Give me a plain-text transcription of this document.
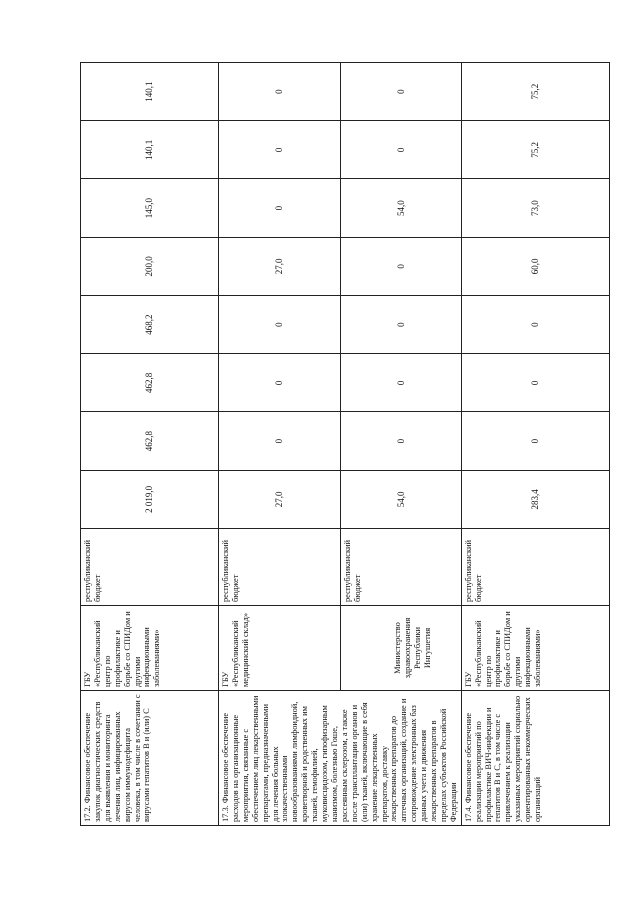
17.2. Финансовое обеспечение закупок диагностических средств для выявления и мониторинга лечения лиц, инфицированных вирусом иммунодефицита человека, в том числе в сочетании с вирусами гепатитов B и (или) C	ГБУ «Республиканский центр по профилактике и борьбе со СПИДом и другими инфекционными заболеваниями»	республиканский бюджет	2 019,0	462,8	462,8	468,2	200,0	145,0	140,1	140,1
17.3. Финансовое обеспечение расходов на организационные мероприятия, связанные с обеспечением лиц лекарственными препаратами, предназначенными для лечения больных злокачественными новообразованиями лимфоидной, кроветворной и родственных им тканей, гемофилией, муковисцидозом, гипофизарным нанизмом, болезнью Гоше, рассеянным склерозом, а также после трансплантации органов и (или) тканей, включающие в себя хранение лекарственных препаратов, доставку лекарственных препаратов до аптечных организаций, создание и сопровождение электронных баз данных учета и движения лекарственных препаратов в пределах субъектов Российской Федерации	ГБУ «Республиканский медицинский склад»	республиканский бюджет	27,0	0	0	0	27,0	0	0	0
	Министерство здравоохранения Республики Ингушетия	республиканский бюджет	54,0	0	0	0	0	54,0	0	0
17.4. Финансовое обеспечение реализации мероприятий по профилактике ВИЧ-инфекции и гепатитов B и C, в том числе с привлечением к реализации указанных мероприятий социально ориентированных некоммерческих организаций	ГБУ «Республиканский центр по профилактике и борьбе со СПИДом и другими инфекционными заболеваниями»	республиканский бюджет	283,4	0	0	0	60,0	73,0	75,2	75,2
